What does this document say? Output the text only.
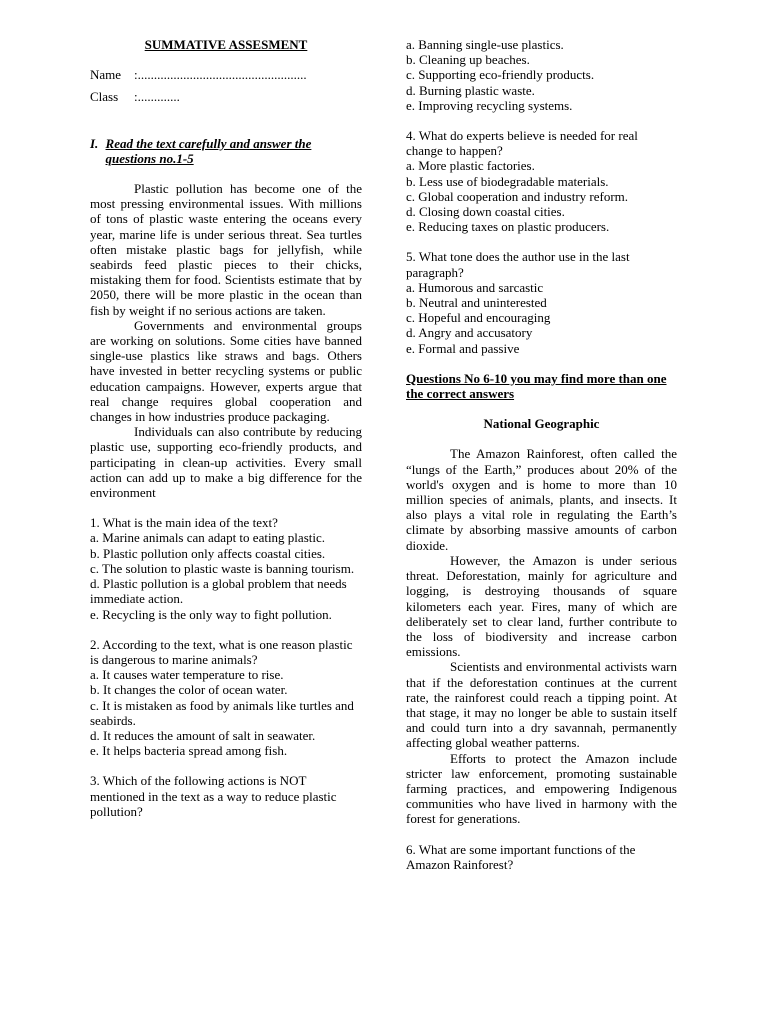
SUMMATIVE ASSESMENT

Name :....................................................
Class	:.............
I. Read the text carefully and answer the questions no.1-5

Plastic pollution has become one of the most pressing environmental issues. With millions of tons of plastic waste entering the oceans every year, marine life is under serious threat. Sea turtles often mistake plastic bags for jellyfish, while seabirds feed plastic pieces to their chicks, mistaking them for food. Scientists estimate that by 2050, there will be more plastic in the ocean than fish by weight if no serious actions are taken.

Governments and environmental groups are working on solutions. Some cities have banned single-use plastics like straws and bags. Others have invested in better recycling systems or public education campaigns. However, experts argue that real change requires global cooperation and changes in how industries produce packaging.

Individuals can also contribute by reducing plastic use, supporting eco-friendly products, and participating in clean-up activities. Every small action can add up to make a big difference for the environment

1. What is the main idea of the text?

a. Marine animals can adapt to eating plastic.
b. Plastic pollution only affects coastal cities.
c. The solution to plastic waste is banning tourism.
d. Plastic pollution is a global problem that needs immediate action.
e. Recycling is the only way to fight pollution.

2. According to the text, what is one reason plastic is dangerous to marine animals?

a. It causes water temperature to rise.
b. It changes the color of ocean water.
c. It is mistaken as food by animals like turtles and seabirds.
d. It reduces the amount of salt in seawater.
e. It helps bacteria spread among fish.

3. Which of the following actions is NOT mentioned in the text as a way to reduce plastic pollution?

a. Banning single-use plastics.
b. Cleaning up beaches.
c. Supporting eco-friendly products.
d. Burning plastic waste.
e. Improving recycling systems.

4. What do experts believe is needed for real change to happen?

a. More plastic factories.
b. Less use of biodegradable materials.
c. Global cooperation and industry reform.
d. Closing down coastal cities.
e. Reducing taxes on plastic producers.

5. What tone does the author use in the last paragraph?

a. Humorous and sarcastic
b. Neutral and uninterested
c. Hopeful and encouraging
d. Angry and accusatory
e. Formal and passive

Questions No 6-10 you may find more than one the correct answers

National Geographic

The Amazon Rainforest, often called the “lungs of the Earth,” produces about 20% of the world's oxygen and is home to more than 10 million species of animals, plants, and insects. It also plays a vital role in regulating the Earth’s climate by absorbing massive amounts of carbon dioxide.

However, the Amazon is under serious threat. Deforestation, mainly for agriculture and logging, is destroying thousands of square kilometers each year. Fires, many of which are deliberately set to clear land, further contribute to the loss of biodiversity and increase carbon emissions.

Scientists and environmental activists warn that if the deforestation continues at the current rate, the rainforest could reach a tipping point. At that stage, it may no longer be able to sustain itself and could turn into a dry savannah, permanently affecting global weather patterns.

Efforts to protect the Amazon include stricter law enforcement, promoting sustainable farming practices, and empowering Indigenous communities who have lived in harmony with the forest for generations.

6. What are some important functions of the Amazon Rainforest?
